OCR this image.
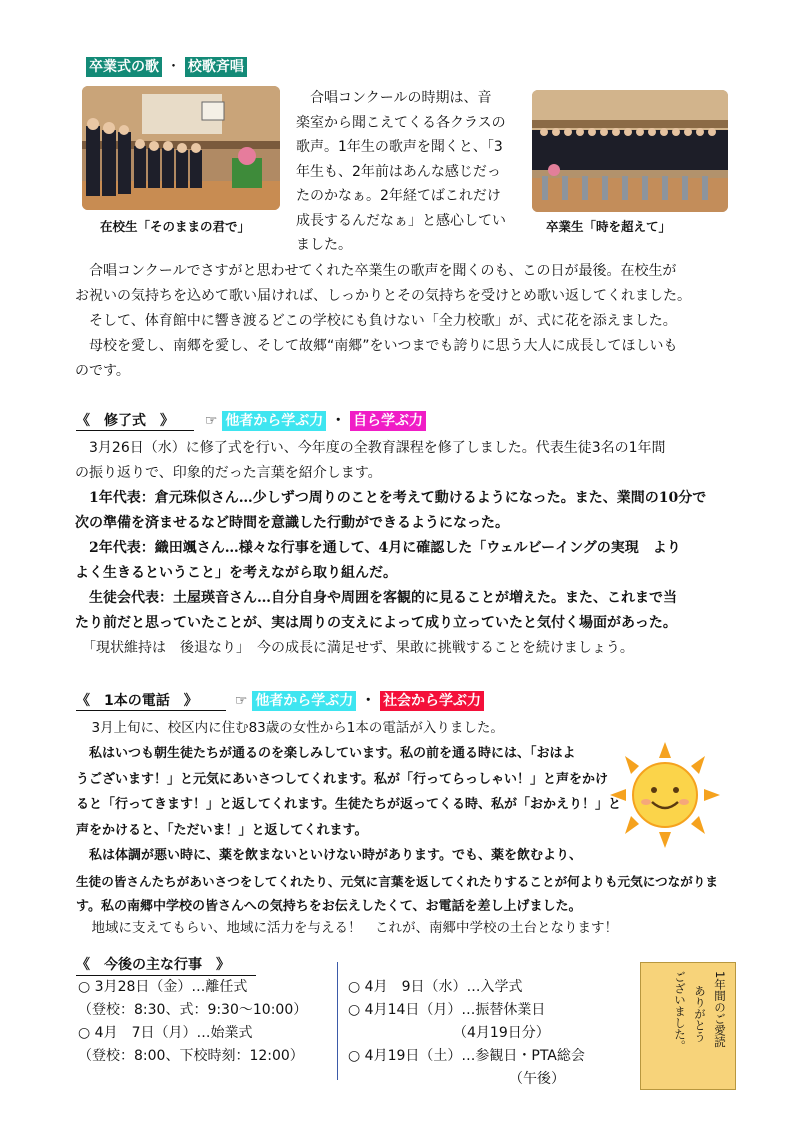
卒業式の歌 ・ 校歌斉唱
在校生「そのままの君で」
　合唱コンクールの時期は、音
楽室から聞こえてくる各クラスの
歌声。1年生の歌声を聞くと、「3
年生も、2年前はあんな感じだっ
たのかなぁ。2年経てばこれだけ
成長するんだなぁ」と感心してい
ました。
卒業生「時を超えて」
　合唱コンクールでさすがと思わせてくれた卒業生の歌声を聞くのも、この日が最後。在校生が
お祝いの気持ちを込めて歌い届ければ、しっかりとその気持ちを受けとめ歌い返してくれました。
　そして、体育館中に響き渡るどこの学校にも負けない「全力校歌」が、式に花を添えました。
　母校を愛し、南郷を愛し、そして故郷“南郷”をいつまでも誇りに思う大人に成長してほしいも
のです。
《　修了式　》 ☞ 他者から学ぶ力 ・ 自ら学ぶ力
　3月26日（水）に修了式を行い、今年度の全教育課程を修了しました。代表生徒3名の1年間
の振り返りで、印象的だった言葉を紹介します。
　1年代表：倉元珠似さん…少しずつ周りのことを考えて動けるようになった。また、業間の10分で
次の準備を済ませるなど時間を意識した行動ができるようになった。
　2年代表：織田颯さん…様々な行事を通して、4月に確認した「ウェルビーイングの実現　より
よく生きるということ」を考えながら取り組んだ。
　生徒会代表：土屋瑛音さん…自分自身や周囲を客観的に見ることが増えた。また、これまで当
たり前だと思っていたことが、実は周りの支えによって成り立っていたと気付く場面があった。
　「現状維持は　後退なり」　今の成長に満足せず、果敢に挑戦することを続けましょう。
《　1本の電話　》	☞ 他者から学ぶ力 ・ 社会から学ぶ力
　3月上旬に、校区内に住む83歳の女性から1本の電話が入りました。
　私はいつも朝生徒たちが通るのを楽しみしています。私の前を通る時には、「おはよ
うございます！」と元気にあいさつしてくれます。私が「行ってらっしゃい！」と声をかけ
ると「行ってきます！」と返してくれます。生徒たちが返ってくる時、私が「おかえり！」と
声をかけると、「ただいま！」と返してくれます。
　私は体調が悪い時に、薬を飲まないといけない時があります。でも、薬を飲むより、
生徒の皆さんたちがあいさつをしてくれたり、元気に言葉を返してくれたりすることが何よりも元気につながりま
す。私の南郷中学校の皆さんへの気持ちをお伝えしたくて、お電話を差し上げました。
　地域に支えてもらい、地域に活力を与える！　これが、南郷中学校の土台となります！
《　今後の主な行事　》
○ 3月28日（金）…離任式
（登校：8:30、式：9:30～10:00）
○ 4月　7日（月）…始業式
（登校：8:00、下校時刻：12:00）
○ 4月　9日（水）…入学式
○ 4月14日（月）…振替休業日
　　　　　　　　（4月19日分）
○ 4月19日（土）…参観日・PTA総会
　　　　　　　　　　　　（午後）
1年間のご愛読
ありがとう
ございました。
